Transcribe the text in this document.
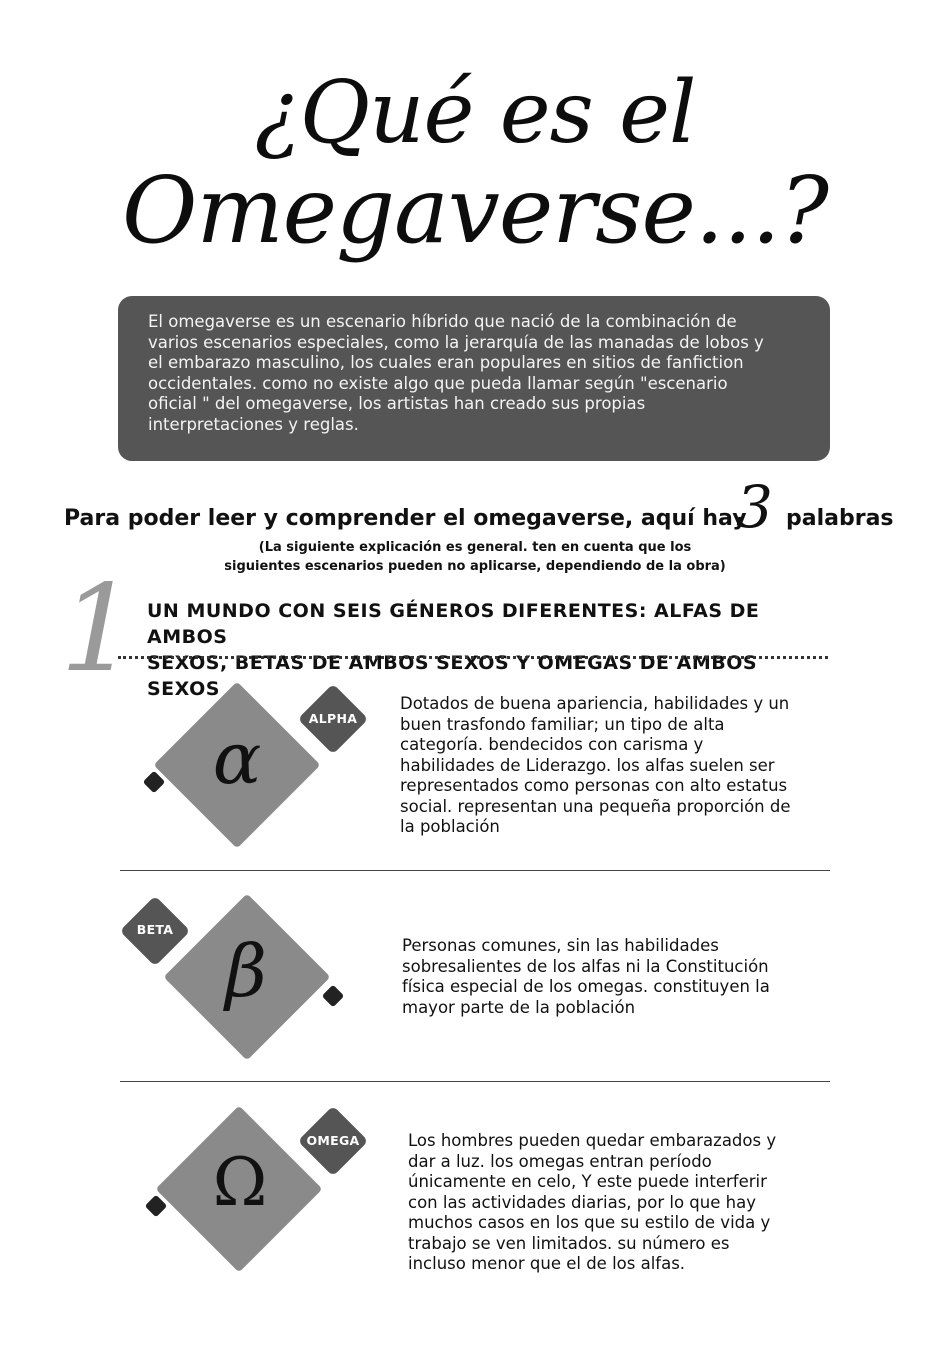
¿Qué es el
Omegaverse...?
El omegaverse es un escenario híbrido que nació de la combinación de
varios escenarios especiales, como la jerarquía de las manadas de lobos y
el embarazo masculino, los cuales eran populares en sitios de fanfiction
occidentales. como no existe algo que pueda llamar según "escenario
oficial " del omegaverse, los artistas han creado sus propias
interpretaciones y reglas.
Para poder leer y comprender el omegaverse, aquí hay palabras
3
(La siguiente explicación es general. ten en cuenta que los
siguientes escenarios pueden no aplicarse, dependiendo de la obra)
1 UN MUNDO CON SEIS GÉNEROS DIFERENTES: ALFAS DE AMBOS
SEXOS, BETAS DE AMBOS SEXOS Y OMEGAS DE AMBOS SEXOS
ALPHA
α
Dotados de buena apariencia, habilidades y un
buen trasfondo familiar; un tipo de alta
categoría. bendecidos con carisma y
habilidades de Liderazgo. los alfas suelen ser
representados como personas con alto estatus
social. representan una pequeña proporción de
la población
BETA β	Personas comunes, sin las habilidades
sobresalientes de los alfas ni la Constitución
física especial de los omegas. constituyen la
mayor parte de la población
OMEGA
Ω
Los hombres pueden quedar embarazados y
dar a luz. los omegas entran período
únicamente en celo, Y este puede interferir
con las actividades diarias, por lo que hay
muchos casos en los que su estilo de vida y
trabajo se ven limitados. su número es
incluso menor que el de los alfas.
